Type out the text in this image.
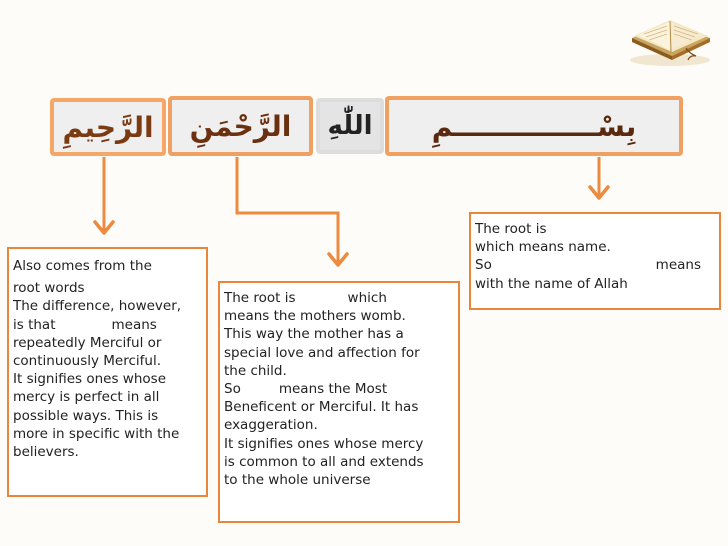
الرَّحِيمِ	الرَّحْمَنِ	اللّٰهِ	بِسْـــــــــــــــمِ

Also comes from the

root words

The difference, however,

is that	means

repeatedly Merciful or

continuously Merciful.

It signifies ones whose

mercy is perfect in all

possible ways. This is

more in specific with the

believers.

The root is	which

means the mothers womb.

This way the mother has a

special love and affection for

the child.

So	means the Most

Beneficent or Merciful. It has

exaggeration.

It signifies ones whose mercy

is common to all and extends

to the whole universe

The root is

which means name.

So	means

with the name of Allah
